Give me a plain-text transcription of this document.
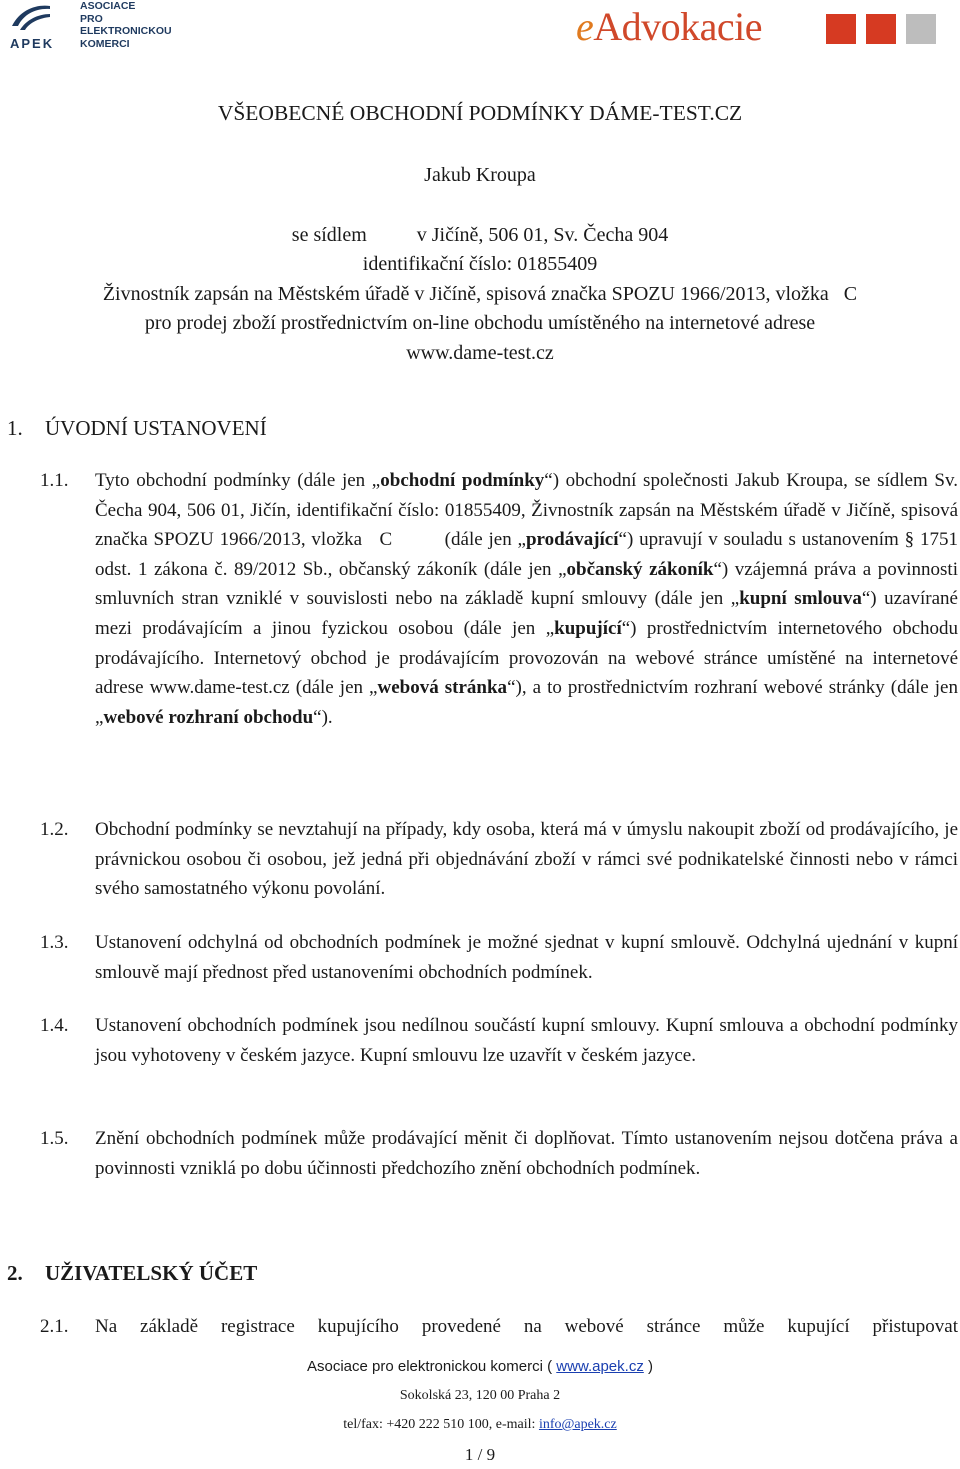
APEK
ASOCIACE
PRO
ELEKTRONICKOU
KOMERCI	eAdvokacie
VŠEOBECNÉ OBCHODNÍ PODMÍNKY DÁME-TEST.CZ
Jakub Kroupa
se sídlem          v Jičíně, 506 01, Sv. Čecha 904
identifikační číslo: 01855409
Živnostník zapsán na Městském úřadě v Jičíně, spisová značka SPOZU 1966/2013, vložka   C
pro prodej zboží prostřednictvím on-line obchodu umístěného na internetové adrese
www.dame-test.cz
1. ÚVODNÍ USTANOVENÍ
1.1. Tyto obchodní podmínky (dále jen „obchodní podmínky“) obchodní společnosti Jakub Kroupa, se sídlem Sv. Čecha 904, 506 01, Jičín, identifikační číslo: 01855409, Živnostník zapsán na Městském úřadě v Jičíně, spisová značka SPOZU 1966/2013, vložka   C         (dále jen „prodávající“) upravují v souladu s ustanovením § 1751 odst. 1 zákona č. 89/2012 Sb., občanský zákoník (dále jen „občanský zákoník“) vzájemná práva a povinnosti smluvních stran vzniklé v souvislosti nebo na základě kupní smlouvy (dále jen „kupní smlouva“) uzavírané mezi prodávajícím a jinou fyzickou osobou (dále jen „kupující“) prostřednictvím internetového obchodu prodávajícího. Internetový obchod je prodávajícím provozován na webové stránce umístěné na internetové adrese www.dame-test.cz (dále jen „webová stránka“), a to prostřednictvím rozhraní webové stránky (dále jen „webové rozhraní obchodu“).
1.2. Obchodní podmínky se nevztahují na případy, kdy osoba, která má v úmyslu nakoupit zboží od prodávajícího, je právnickou osobou či osobou, jež jedná při objednávání zboží v rámci své podnikatelské činnosti nebo v rámci svého samostatného výkonu povolání.
1.3. Ustanovení odchylná od obchodních podmínek je možné sjednat v kupní smlouvě. Odchylná ujednání v kupní smlouvě mají přednost před ustanoveními obchodních podmínek.
1.4. Ustanovení obchodních podmínek jsou nedílnou součástí kupní smlouvy. Kupní smlouva a obchodní podmínky jsou vyhotoveny v českém jazyce. Kupní smlouvu lze uzavřít v českém jazyce.
1.5. Znění obchodních podmínek může prodávající měnit či doplňovat. Tímto ustanovením nejsou dotčena práva a povinnosti vzniklá po dobu účinnosti předchozího znění obchodních podmínek.
2. UŽIVATELSKÝ ÚČET
2.1. Na základě registrace kupujícího provedené na webové stránce může kupující přistupovat
Asociace pro elektronickou komerci ( www.apek.cz )
Sokolská 23, 120 00 Praha 2
tel/fax: +420 222 510 100, e-mail: info@apek.cz
1 / 9
